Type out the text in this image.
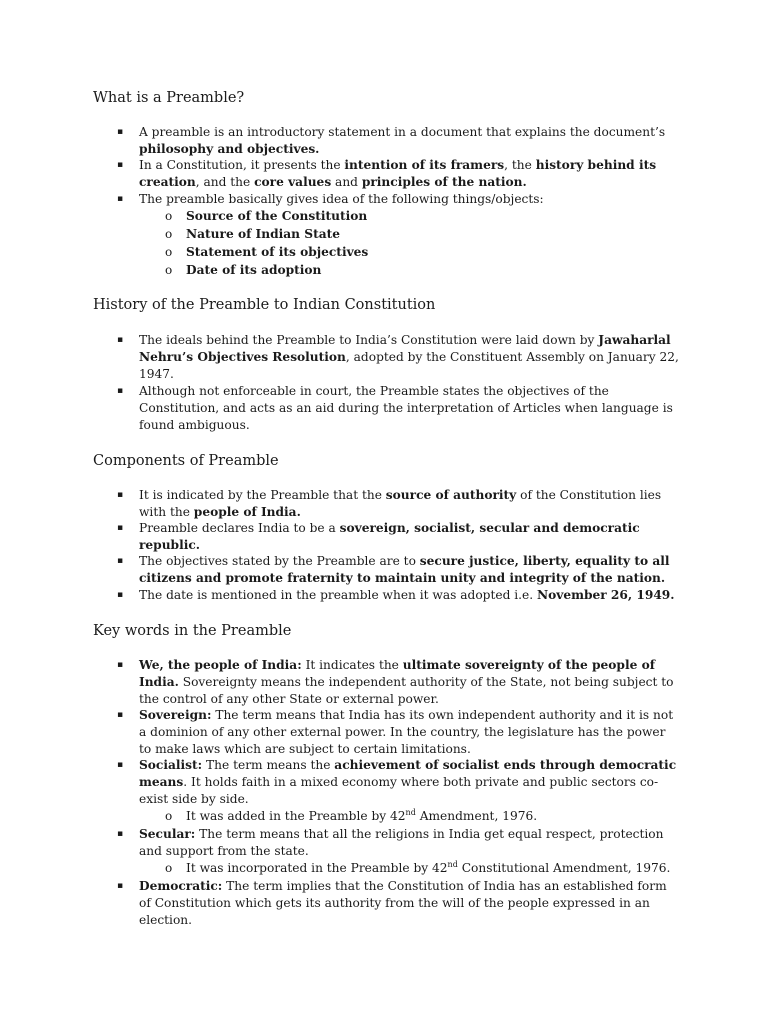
What is a Preamble?
▪ A preamble is an introductory statement in a document that explains the document’s
philosophy and objectives.
▪ In a Constitution, it presents the intention of its framers, the history behind its
creation, and the core values and principles of the nation.
▪ The preamble basically gives idea of the following things/objects:
o Source of the Constitution
o Nature of Indian State
o Statement of its objectives
o Date of its adoption
History of the Preamble to Indian Constitution
▪ The ideals behind the Preamble to India’s Constitution were laid down by Jawaharlal
Nehru’s Objectives Resolution, adopted by the Constituent Assembly on January 22,
1947.
▪ Although not enforceable in court, the Preamble states the objectives of the
Constitution, and acts as an aid during the interpretation of Articles when language is
found ambiguous.
Components of Preamble
▪ It is indicated by the Preamble that the source of authority of the Constitution lies
with the people of India.
▪ Preamble declares India to be a sovereign, socialist, secular and democratic
republic.
▪ The objectives stated by the Preamble are to secure justice, liberty, equality to all
citizens and promote fraternity to maintain unity and integrity of the nation.
▪ The date is mentioned in the preamble when it was adopted i.e. November 26, 1949.
Key words in the Preamble
▪ We, the people of India: It indicates the ultimate sovereignty of the people of
India. Sovereignty means the independent authority of the State, not being subject to
the control of any other State or external power.
▪ Sovereign: The term means that India has its own independent authority and it is not
a dominion of any other external power. In the country, the legislature has the power
to make laws which are subject to certain limitations.
▪ Socialist: The term means the achievement of socialist ends through democratic
means. It holds faith in a mixed economy where both private and public sectors co-
exist side by side.
o It was added in the Preamble by 42nd Amendment, 1976.
▪ Secular: The term means that all the religions in India get equal respect, protection
and support from the state.
o It was incorporated in the Preamble by 42nd Constitutional Amendment, 1976.
▪ Democratic: The term implies that the Constitution of India has an established form
of Constitution which gets its authority from the will of the people expressed in an
election.
